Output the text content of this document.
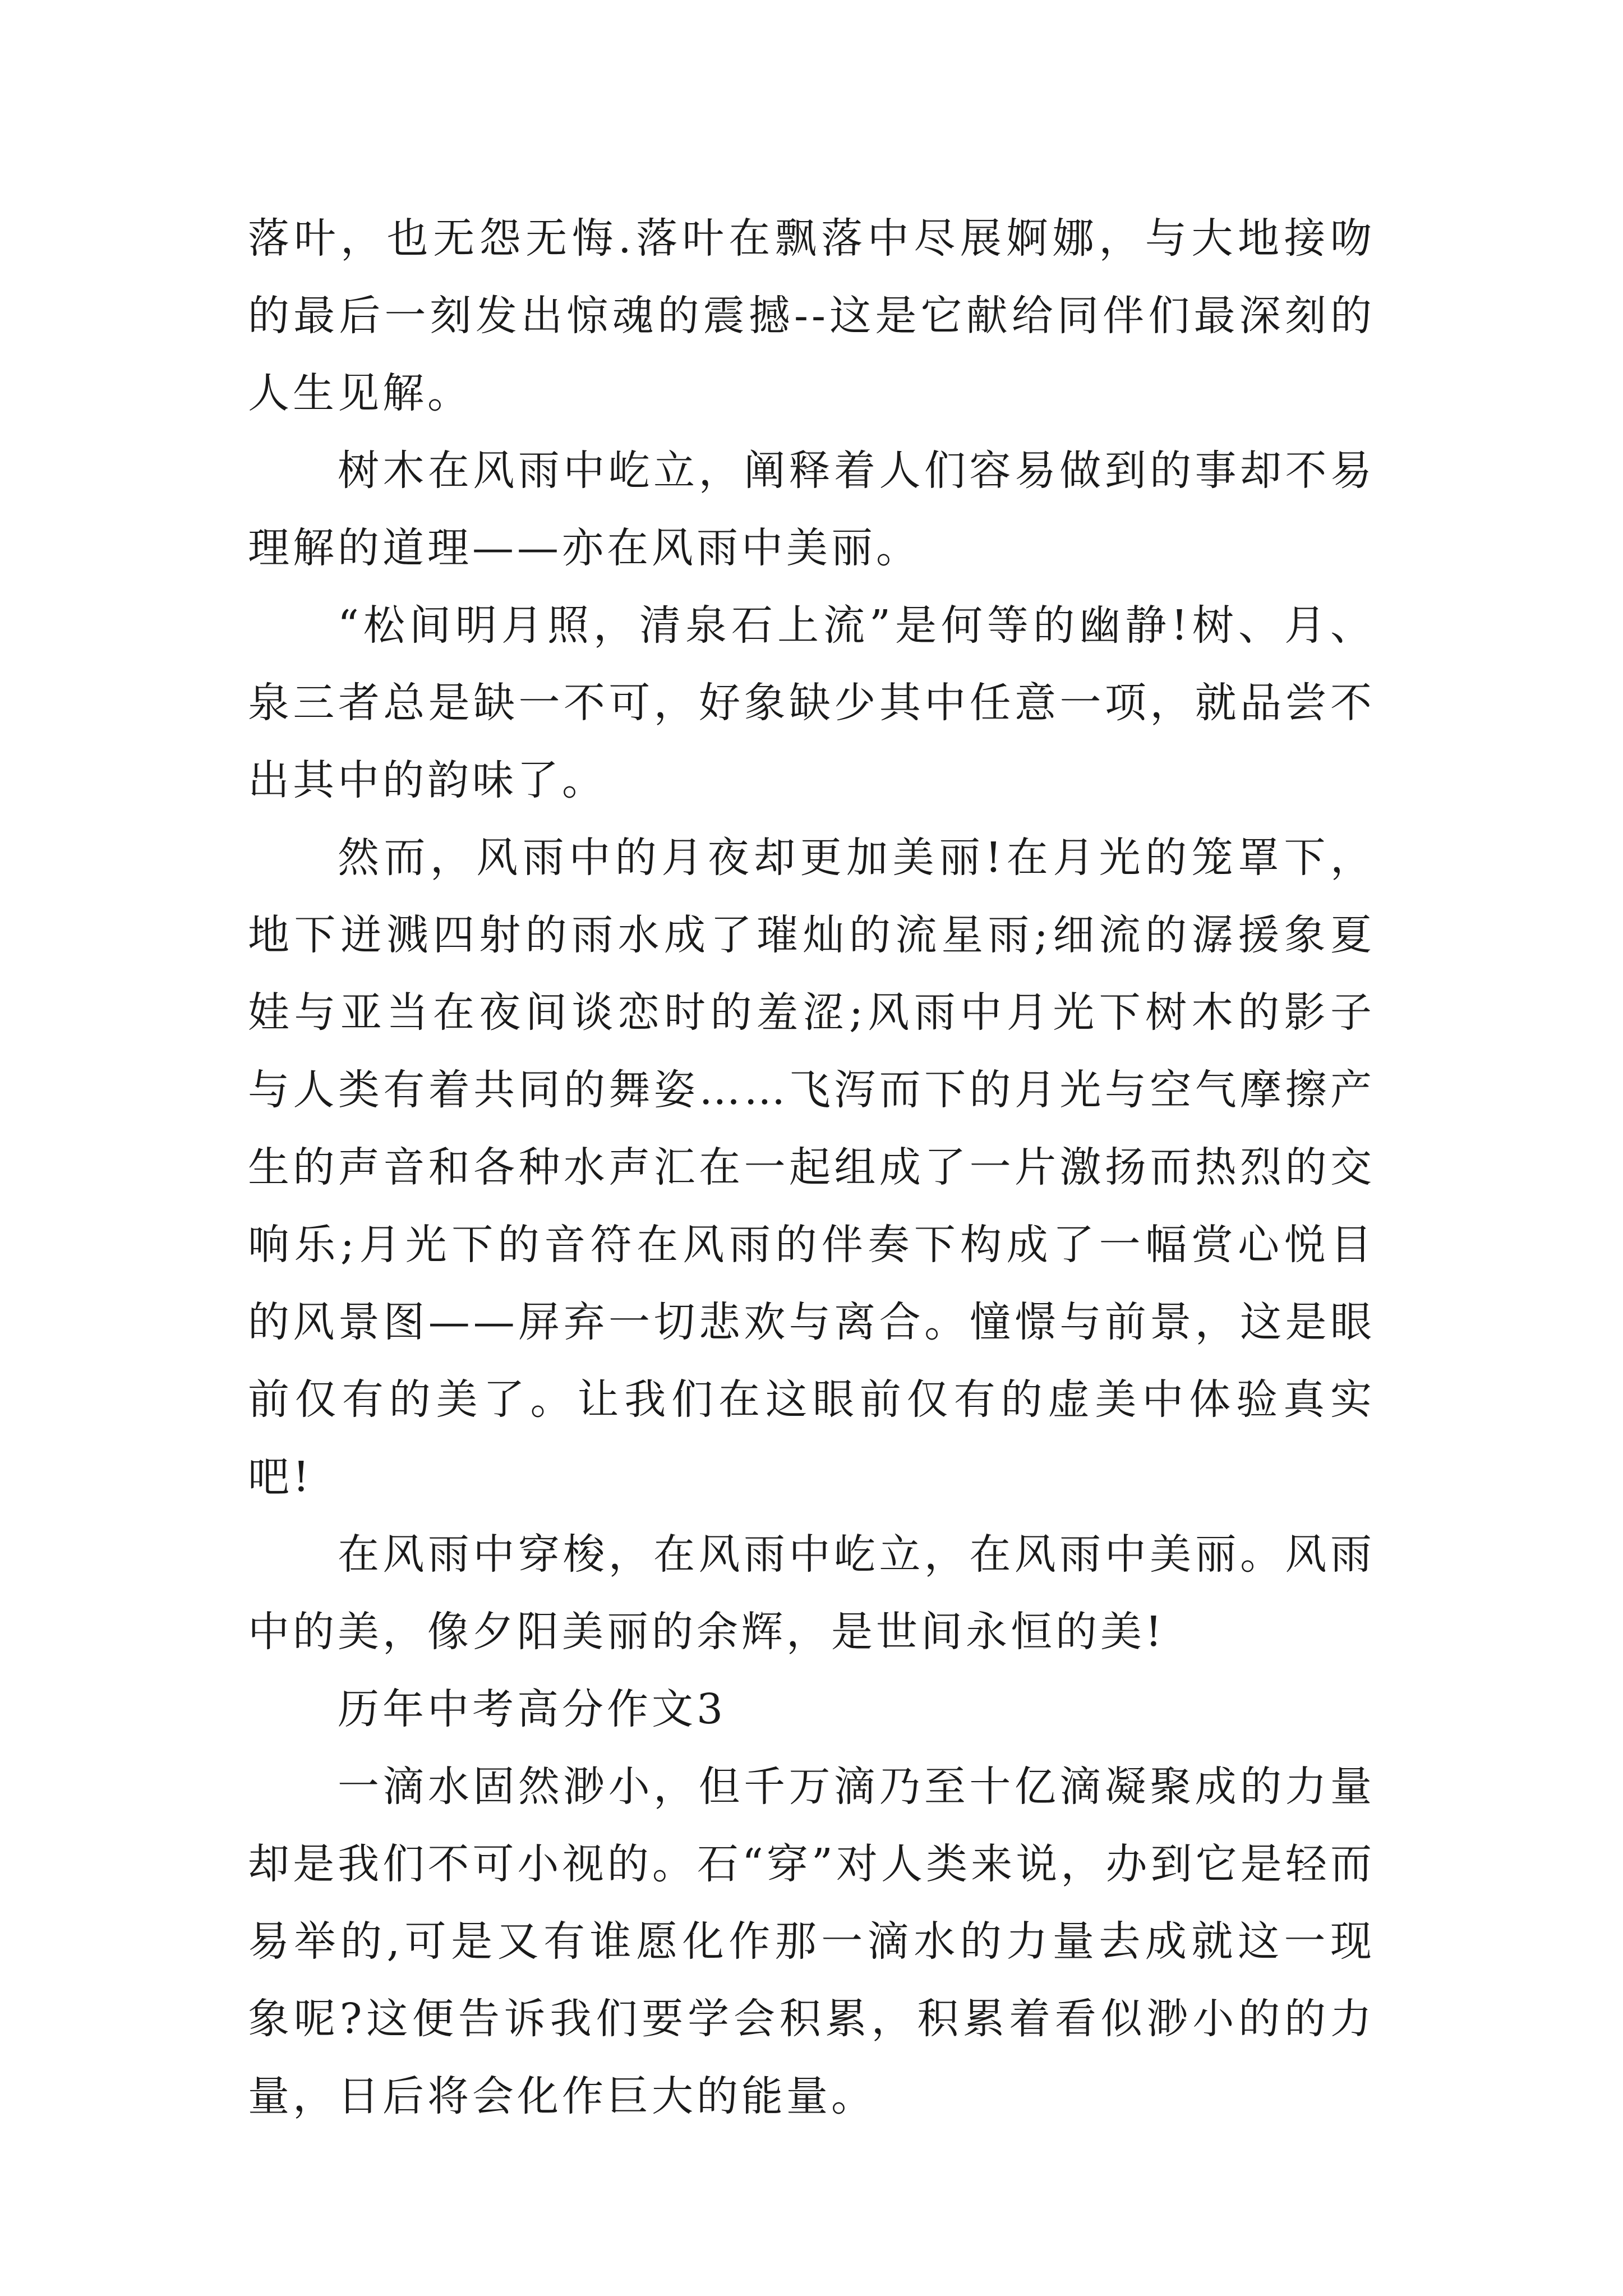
落叶，也无怨无悔.落叶在飘落中尽展婀娜，与大地接吻的最后一刻发出惊魂的震撼--这是它献给同伴们最深刻的人生见解。

树木在风雨中屹立，阐释着人们容易做到的事却不易理解的道理——亦在风雨中美丽。

“松间明月照，清泉石上流”是何等的幽静!树、月、泉三者总是缺一不可，好象缺少其中任意一项，就品尝不出其中的韵味了。

然而，风雨中的月夜却更加美丽!在月光的笼罩下，地下迸溅四射的雨水成了璀灿的流星雨;细流的潺援象夏娃与亚当在夜间谈恋时的羞涩;风雨中月光下树木的影子与人类有着共同的舞姿……飞泻而下的月光与空气摩擦产生的声音和各种水声汇在一起组成了一片激扬而热烈的交响乐;月光下的音符在风雨的伴奏下构成了一幅赏心悦目的风景图——屏弃一切悲欢与离合。憧憬与前景，这是眼前仅有的美了。让我们在这眼前仅有的虚美中体验真实吧!

在风雨中穿梭，在风雨中屹立，在风雨中美丽。风雨中的美，像夕阳美丽的余辉，是世间永恒的美!

历年中考高分作文3

一滴水固然渺小，但千万滴乃至十亿滴凝聚成的力量却是我们不可小视的。石“穿”对人类来说，办到它是轻而易举的,可是又有谁愿化作那一滴水的力量去成就这一现象呢?这便告诉我们要学会积累，积累着看似渺小的的力量，日后将会化作巨大的能量。
